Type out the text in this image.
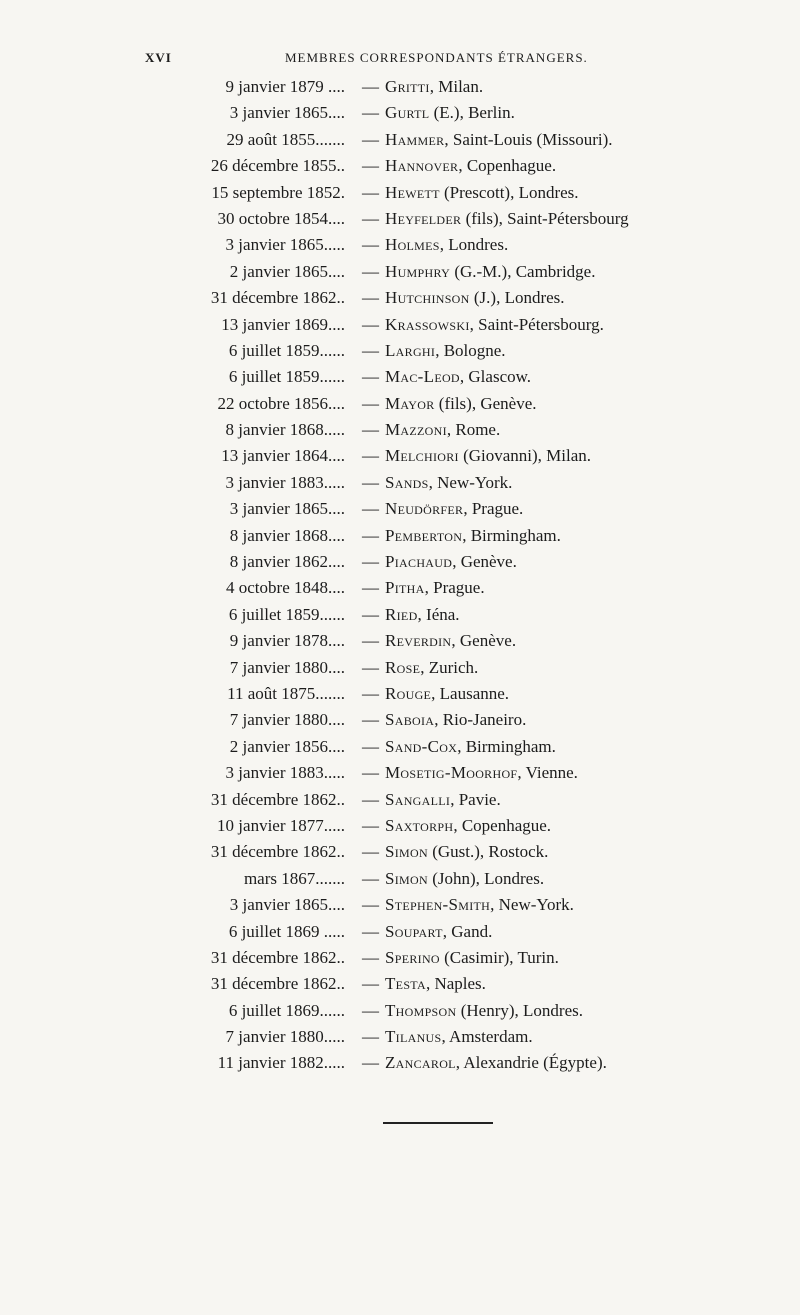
XVI	MEMBRES CORRESPONDANTS ÉTRANGERS.
9 janvier 1879 .... — Gritti, Milan.
3 janvier 1865.... — Gurtl (E.), Berlin.
29 août 1855....... — Hammer, Saint-Louis (Missouri).
26 décembre 1855.. — Hannover, Copenhague.
15 septembre 1852. — Hewett (Prescott), Londres.
30 octobre 1854.... — Heyfelder (fils), Saint-Pétersbourg
3 janvier 1865..... — Holmes, Londres.
2 janvier 1865.... — Humphry (G.-M.), Cambridge.
31 décembre 1862.. — Hutchinson (J.), Londres.
13 janvier 1869.... — Krassowski, Saint-Pétersbourg.
6 juillet 1859...... — Larghi, Bologne.
6 juillet 1859...... — Mac-Leod, Glascow.
22 octobre 1856.... — Mayor (fils), Genève.
8 janvier 1868..... — Mazzoni, Rome.
13 janvier 1864.... — Melchiori (Giovanni), Milan.
3 janvier 1883..... — Sands, New-York.
3 janvier 1865.... — Neudörfer, Prague.
8 janvier 1868.... — Pemberton, Birmingham.
8 janvier 1862.... — Piachaud, Genève.
4 octobre 1848.... — Pitha, Prague.
6 juillet 1859...... — Ried, Iéna.
9 janvier 1878.... — Reverdin, Genève.
7 janvier 1880.... — Rose, Zurich.
11 août 1875....... — Rouge, Lausanne.
7 janvier 1880.... — Saboia, Rio-Janeiro.
2 janvier 1856.... — Sand-Cox, Birmingham.
3 janvier 1883..... — Mosetig-Moorhof, Vienne.
31 décembre 1862.. — Sangalli, Pavie.
10 janvier 1877..... — Saxtorph, Copenhague.
31 décembre 1862.. — Simon (Gust.), Rostock.
mars 1867....... — Simon (John), Londres.
3 janvier 1865.... — Stephen-Smith, New-York.
6 juillet 1869 ..... — Soupart, Gand.
31 décembre 1862.. — Sperino (Casimir), Turin.
31 décembre 1862.. — Testa, Naples.
6 juillet 1869...... — Thompson (Henry), Londres.
7 janvier 1880..... — Tilanus, Amsterdam.
11 janvier 1882..... — Zancarol, Alexandrie (Égypte).
